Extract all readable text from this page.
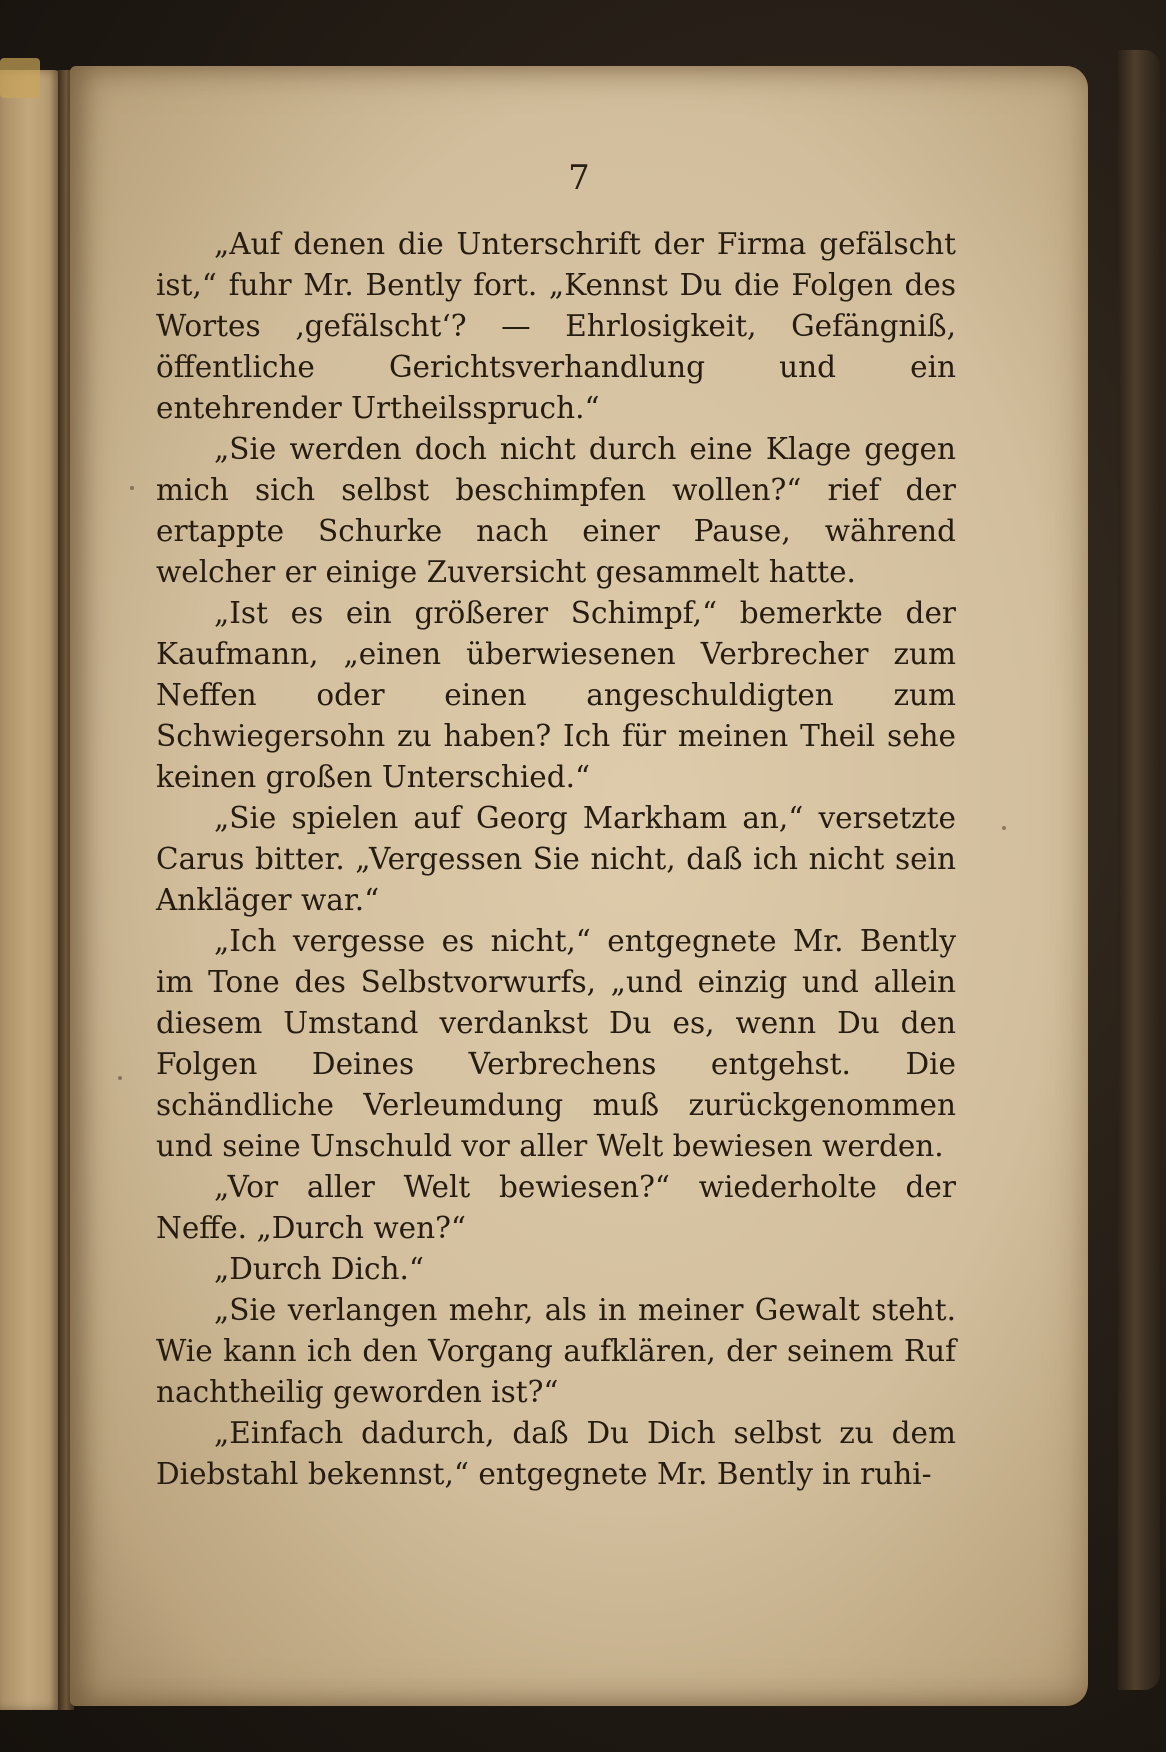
7

„Auf denen die Unterschrift der Firma gefälscht ist,“ fuhr Mr. Bently fort. „Kennst Du die Folgen des Wortes ‚gefälscht‘? — Ehrlosigkeit, Gefängniß, öffentliche Gerichtsverhandlung und ein entehrender Urtheilsspruch.“

„Sie werden doch nicht durch eine Klage gegen mich sich selbst beschimpfen wollen?“ rief der ertappte Schurke nach einer Pause, während welcher er einige Zuversicht gesammelt hatte.

„Ist es ein größerer Schimpf,“ bemerkte der Kaufmann, „einen überwiesenen Verbrecher zum Neffen oder einen angeschuldigten zum Schwiegersohn zu haben? Ich für meinen Theil sehe keinen großen Unterschied.“

„Sie spielen auf Georg Markham an,“ versetzte Carus bitter. „Vergessen Sie nicht, daß ich nicht sein Ankläger war.“

„Ich vergesse es nicht,“ entgegnete Mr. Bently im Tone des Selbstvorwurfs, „und einzig und allein diesem Umstand verdankst Du es, wenn Du den Folgen Deines Verbrechens entgehst. Die schändliche Verleumdung muß zurückgenommen und seine Unschuld vor aller Welt bewiesen werden.

„Vor aller Welt bewiesen?“ wiederholte der Neffe. „Durch wen?“

„Durch Dich.“

„Sie verlangen mehr, als in meiner Gewalt steht. Wie kann ich den Vorgang aufklären, der seinem Ruf nachtheilig geworden ist?“

„Einfach dadurch, daß Du Dich selbst zu dem Diebstahl bekennst,“ entgegnete Mr. Bently in ruhi-
